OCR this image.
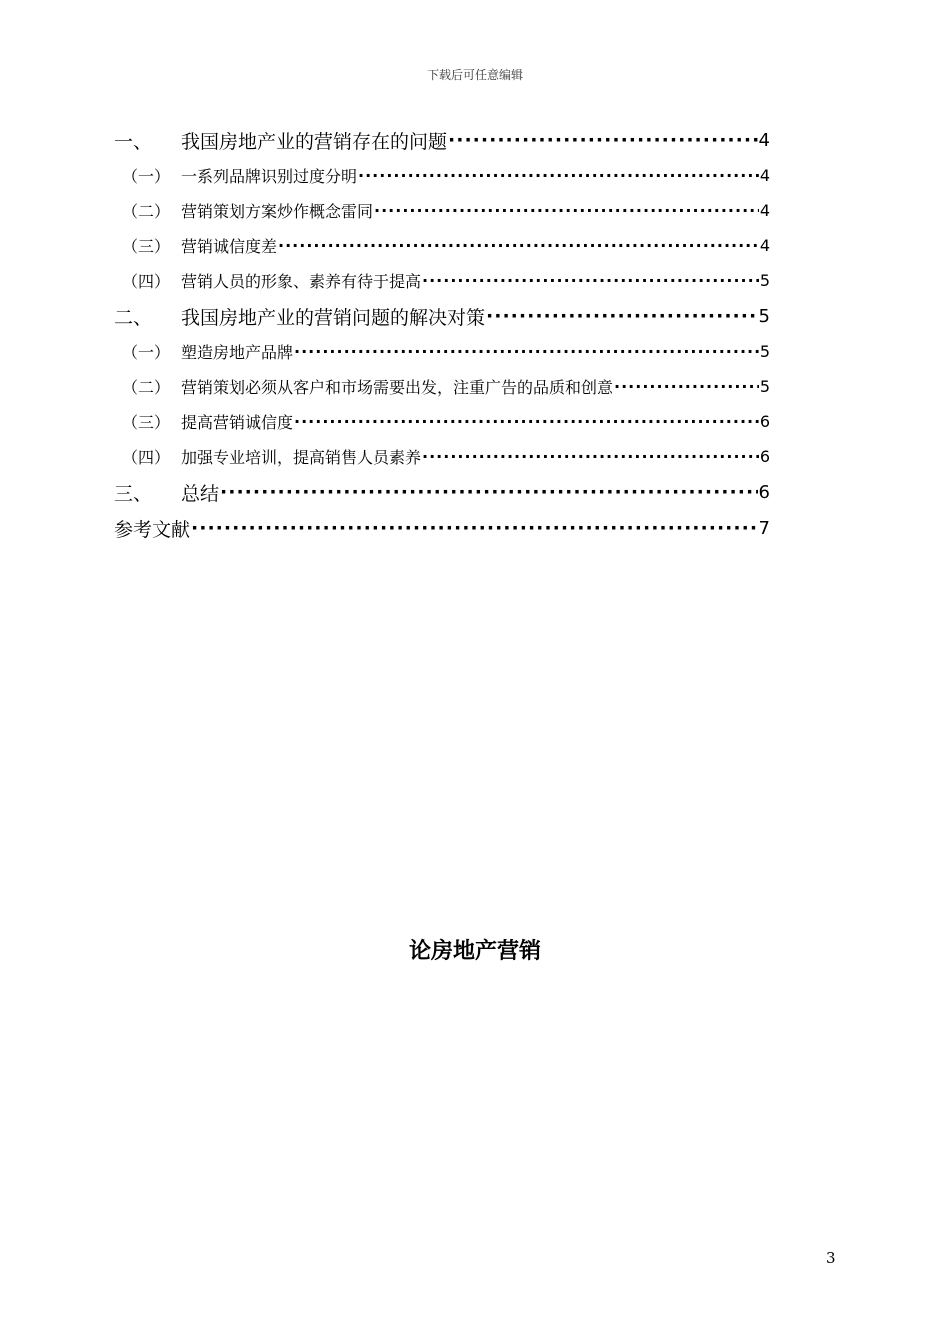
下载后可任意编辑
一、	我国房地产业的营销存在的问题 ·····	4
（一） 一系列品牌识别过度分明 ·····	4
（二） 营销策划方案炒作概念雷同 ·····	4
（三） 营销诚信度差 ·····	4
（四） 营销人员的形象、素养有待于提高 ·····	5
二、	我国房地产业的营销问题的解决对策 ·····	5
（一） 塑造房地产品牌 ·····	5
（二） 营销策划必须从客户和市场需要出发，注重广告的品质和创意 ·····	5
（三） 提高营销诚信度 ·····	6
（四） 加强专业培训，提高销售人员素养 ·····	6
三、	总结 ·····	6
参考文献 ·····	7
论房地产营销
3
